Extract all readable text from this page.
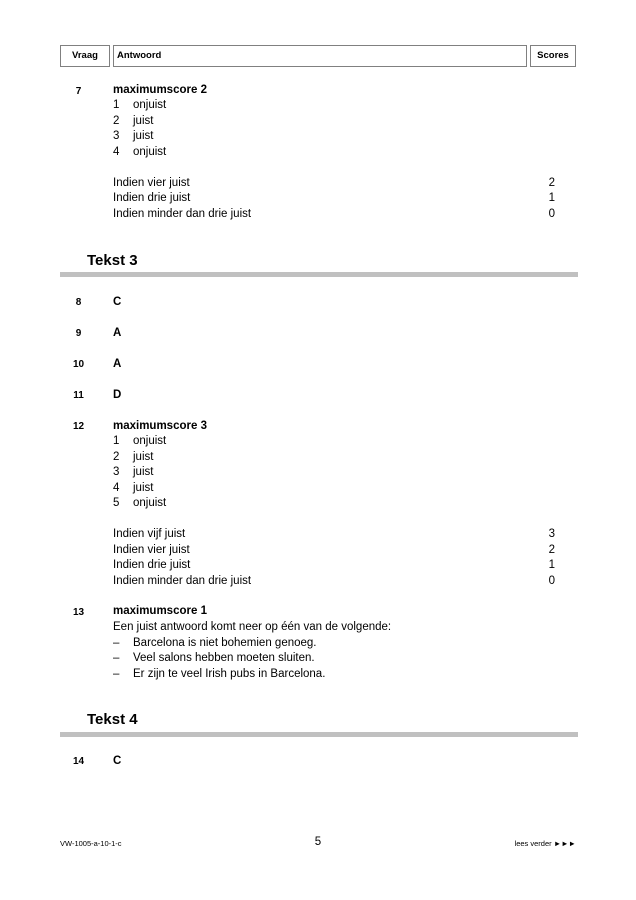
Vraag	Antwoord	Scores
7	maximumscore 2
1 onjuist
2 juist
3 juist
4 onjuist
Indien vier juist	2
Indien drie juist	1
Indien minder dan drie juist	0
Tekst 3
8	C
9	A
10	A
11	D
12	maximumscore 3
1 onjuist
2 juist
3 juist
4 juist
5 onjuist
Indien vijf juist	3
Indien vier juist	2
Indien drie juist	1
Indien minder dan drie juist	0
13	maximumscore 1
Een juist antwoord komt neer op één van de volgende:
– Barcelona is niet bohemien genoeg.
– Veel salons hebben moeten sluiten.
– Er zijn te veel Irish pubs in Barcelona.
Tekst 4
14	C
VW-1005-a-10-1-c	5	lees verder ►►►
